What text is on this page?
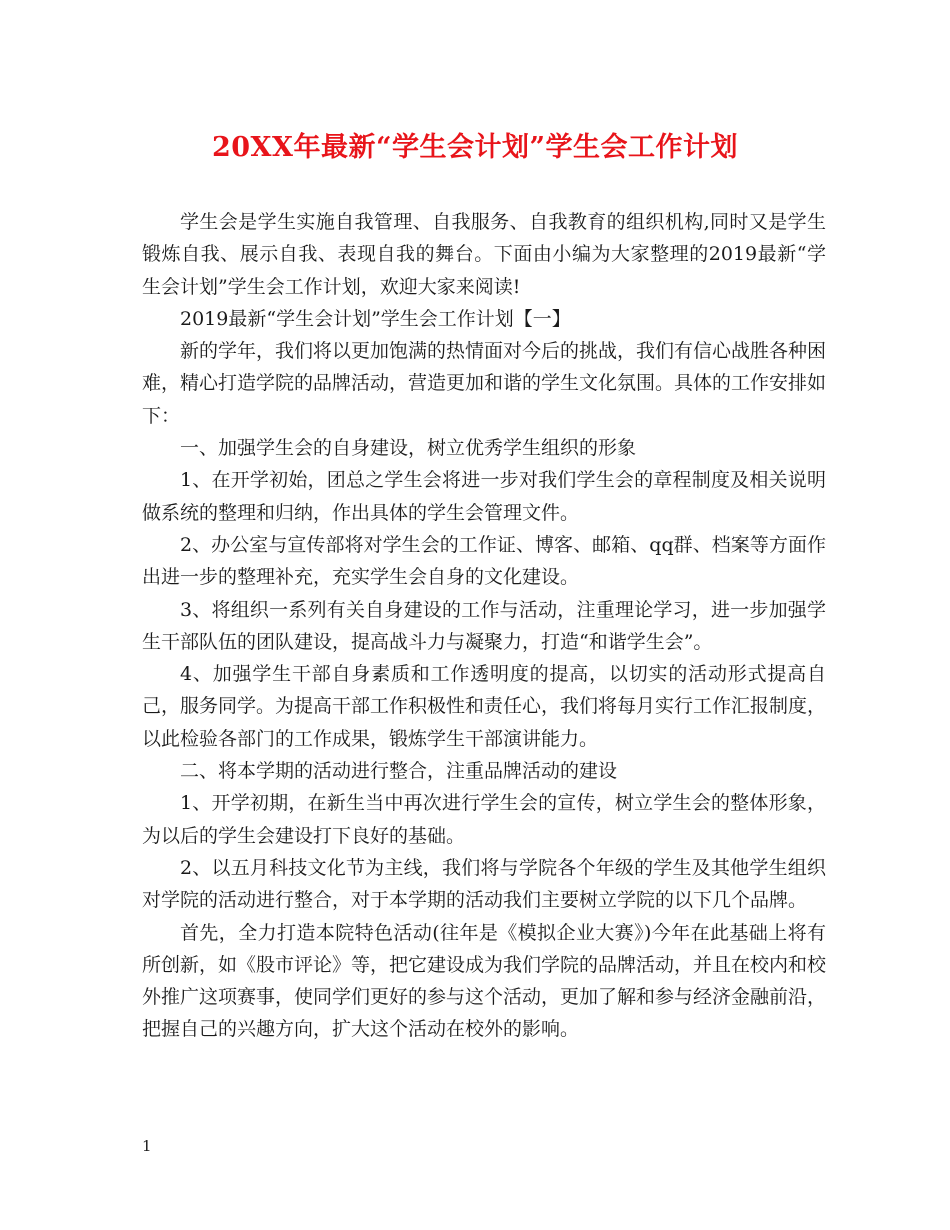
20XX年最新“学生会计划”学生会工作计划

学生会是学生实施自我管理、自我服务、自我教育的组织机构,同时又是学生锻炼自我、展示自我、表现自我的舞台。下面由小编为大家整理的2019最新“学生会计划”学生会工作计划，欢迎大家来阅读!

2019最新“学生会计划”学生会工作计划【一】

新的学年，我们将以更加饱满的热情面对今后的挑战，我们有信心战胜各种困难，精心打造学院的品牌活动，营造更加和谐的学生文化氛围。具体的工作安排如下：

一、加强学生会的自身建设，树立优秀学生组织的形象

1、在开学初始，团总之学生会将进一步对我们学生会的章程制度及相关说明做系统的整理和归纳，作出具体的学生会管理文件。

2、办公室与宣传部将对学生会的工作证、博客、邮箱、qq群、档案等方面作出进一步的整理补充，充实学生会自身的文化建设。

3、将组织一系列有关自身建设的工作与活动，注重理论学习，进一步加强学生干部队伍的团队建设，提高战斗力与凝聚力，打造“和谐学生会”。

4、加强学生干部自身素质和工作透明度的提高，以切实的活动形式提高自己，服务同学。为提高干部工作积极性和责任心，我们将每月实行工作汇报制度，以此检验各部门的工作成果，锻炼学生干部演讲能力。

二、将本学期的活动进行整合，注重品牌活动的建设

1、开学初期，在新生当中再次进行学生会的宣传，树立学生会的整体形象，为以后的学生会建设打下良好的基础。

2、以五月科技文化节为主线，我们将与学院各个年级的学生及其他学生组织对学院的活动进行整合，对于本学期的活动我们主要树立学院的以下几个品牌。

首先，全力打造本院特色活动(往年是《模拟企业大赛》)今年在此基础上将有所创新，如《股市评论》等，把它建设成为我们学院的品牌活动，并且在校内和校外推广这项赛事，使同学们更好的参与这个活动，更加了解和参与经济金融前沿，把握自己的兴趣方向，扩大这个活动在校外的影响。

1
